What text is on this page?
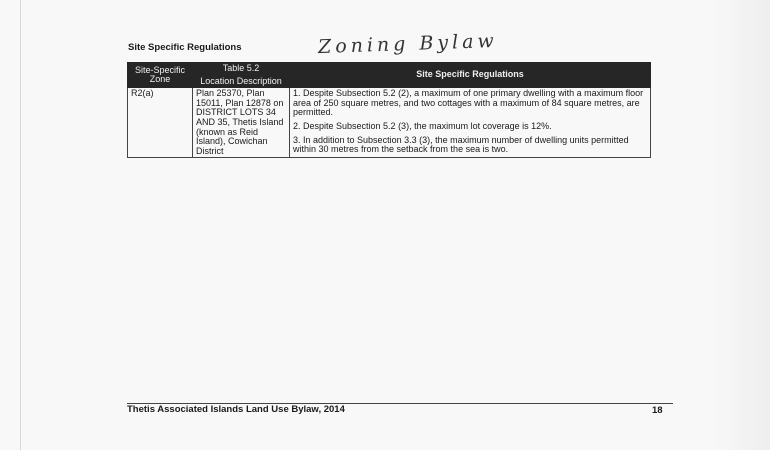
Site Specific Regulations	Zoning Bylaw
Site-Specific Zone	Table 5.2	Site Specific Regulations
	Location Description	
R2(a)	Plan 25370, Plan 15011, Plan 12878 on DISTRICT LOTS 34 AND 35, Thetis Island (known as Reid Island), Cowichan District	1. Despite Subsection 5.2 (2), a maximum of one primary dwelling with a maximum floor area of 250 square metres, and two cottages with a maximum of 84 square metres, are permitted.

2. Despite Subsection 5.2 (3), the maximum lot coverage is 12%.

3. In addition to Subsection 3.3 (3), the maximum number of dwelling units permitted within 30 metres from the setback from the sea is two.

Thetis Associated Islands Land Use Bylaw, 2014	18
